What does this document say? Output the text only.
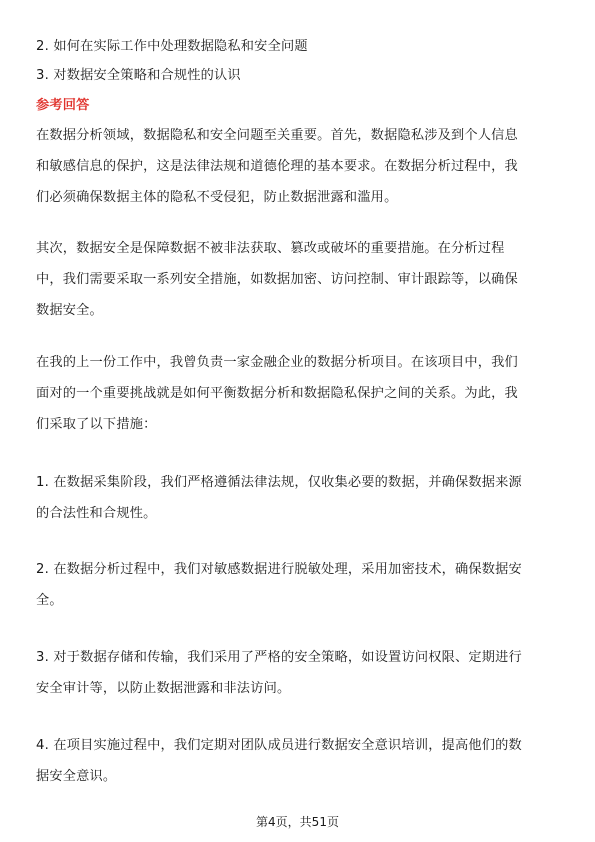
2. 如何在实际工作中处理数据隐私和安全问题
3. 对数据安全策略和合规性的认识
参考回答
在数据分析领域，数据隐私和安全问题至关重要。首先，数据隐私涉及到个人信息
和敏感信息的保护，这是法律法规和道德伦理的基本要求。在数据分析过程中，我
们必须确保数据主体的隐私不受侵犯，防止数据泄露和滥用。
其次，数据安全是保障数据不被非法获取、篡改或破坏的重要措施。在分析过程
中，我们需要采取一系列安全措施，如数据加密、访问控制、审计跟踪等，以确保
数据安全。
在我的上一份工作中，我曾负责一家金融企业的数据分析项目。在该项目中，我们
面对的一个重要挑战就是如何平衡数据分析和数据隐私保护之间的关系。为此，我
们采取了以下措施：
1. 在数据采集阶段，我们严格遵循法律法规，仅收集必要的数据，并确保数据来源
的合法性和合规性。
2. 在数据分析过程中，我们对敏感数据进行脱敏处理，采用加密技术，确保数据安
全。
3. 对于数据存储和传输，我们采用了严格的安全策略，如设置访问权限、定期进行
安全审计等，以防止数据泄露和非法访问。
4. 在项目实施过程中，我们定期对团队成员进行数据安全意识培训，提高他们的数
据安全意识。
第4页，共51页
